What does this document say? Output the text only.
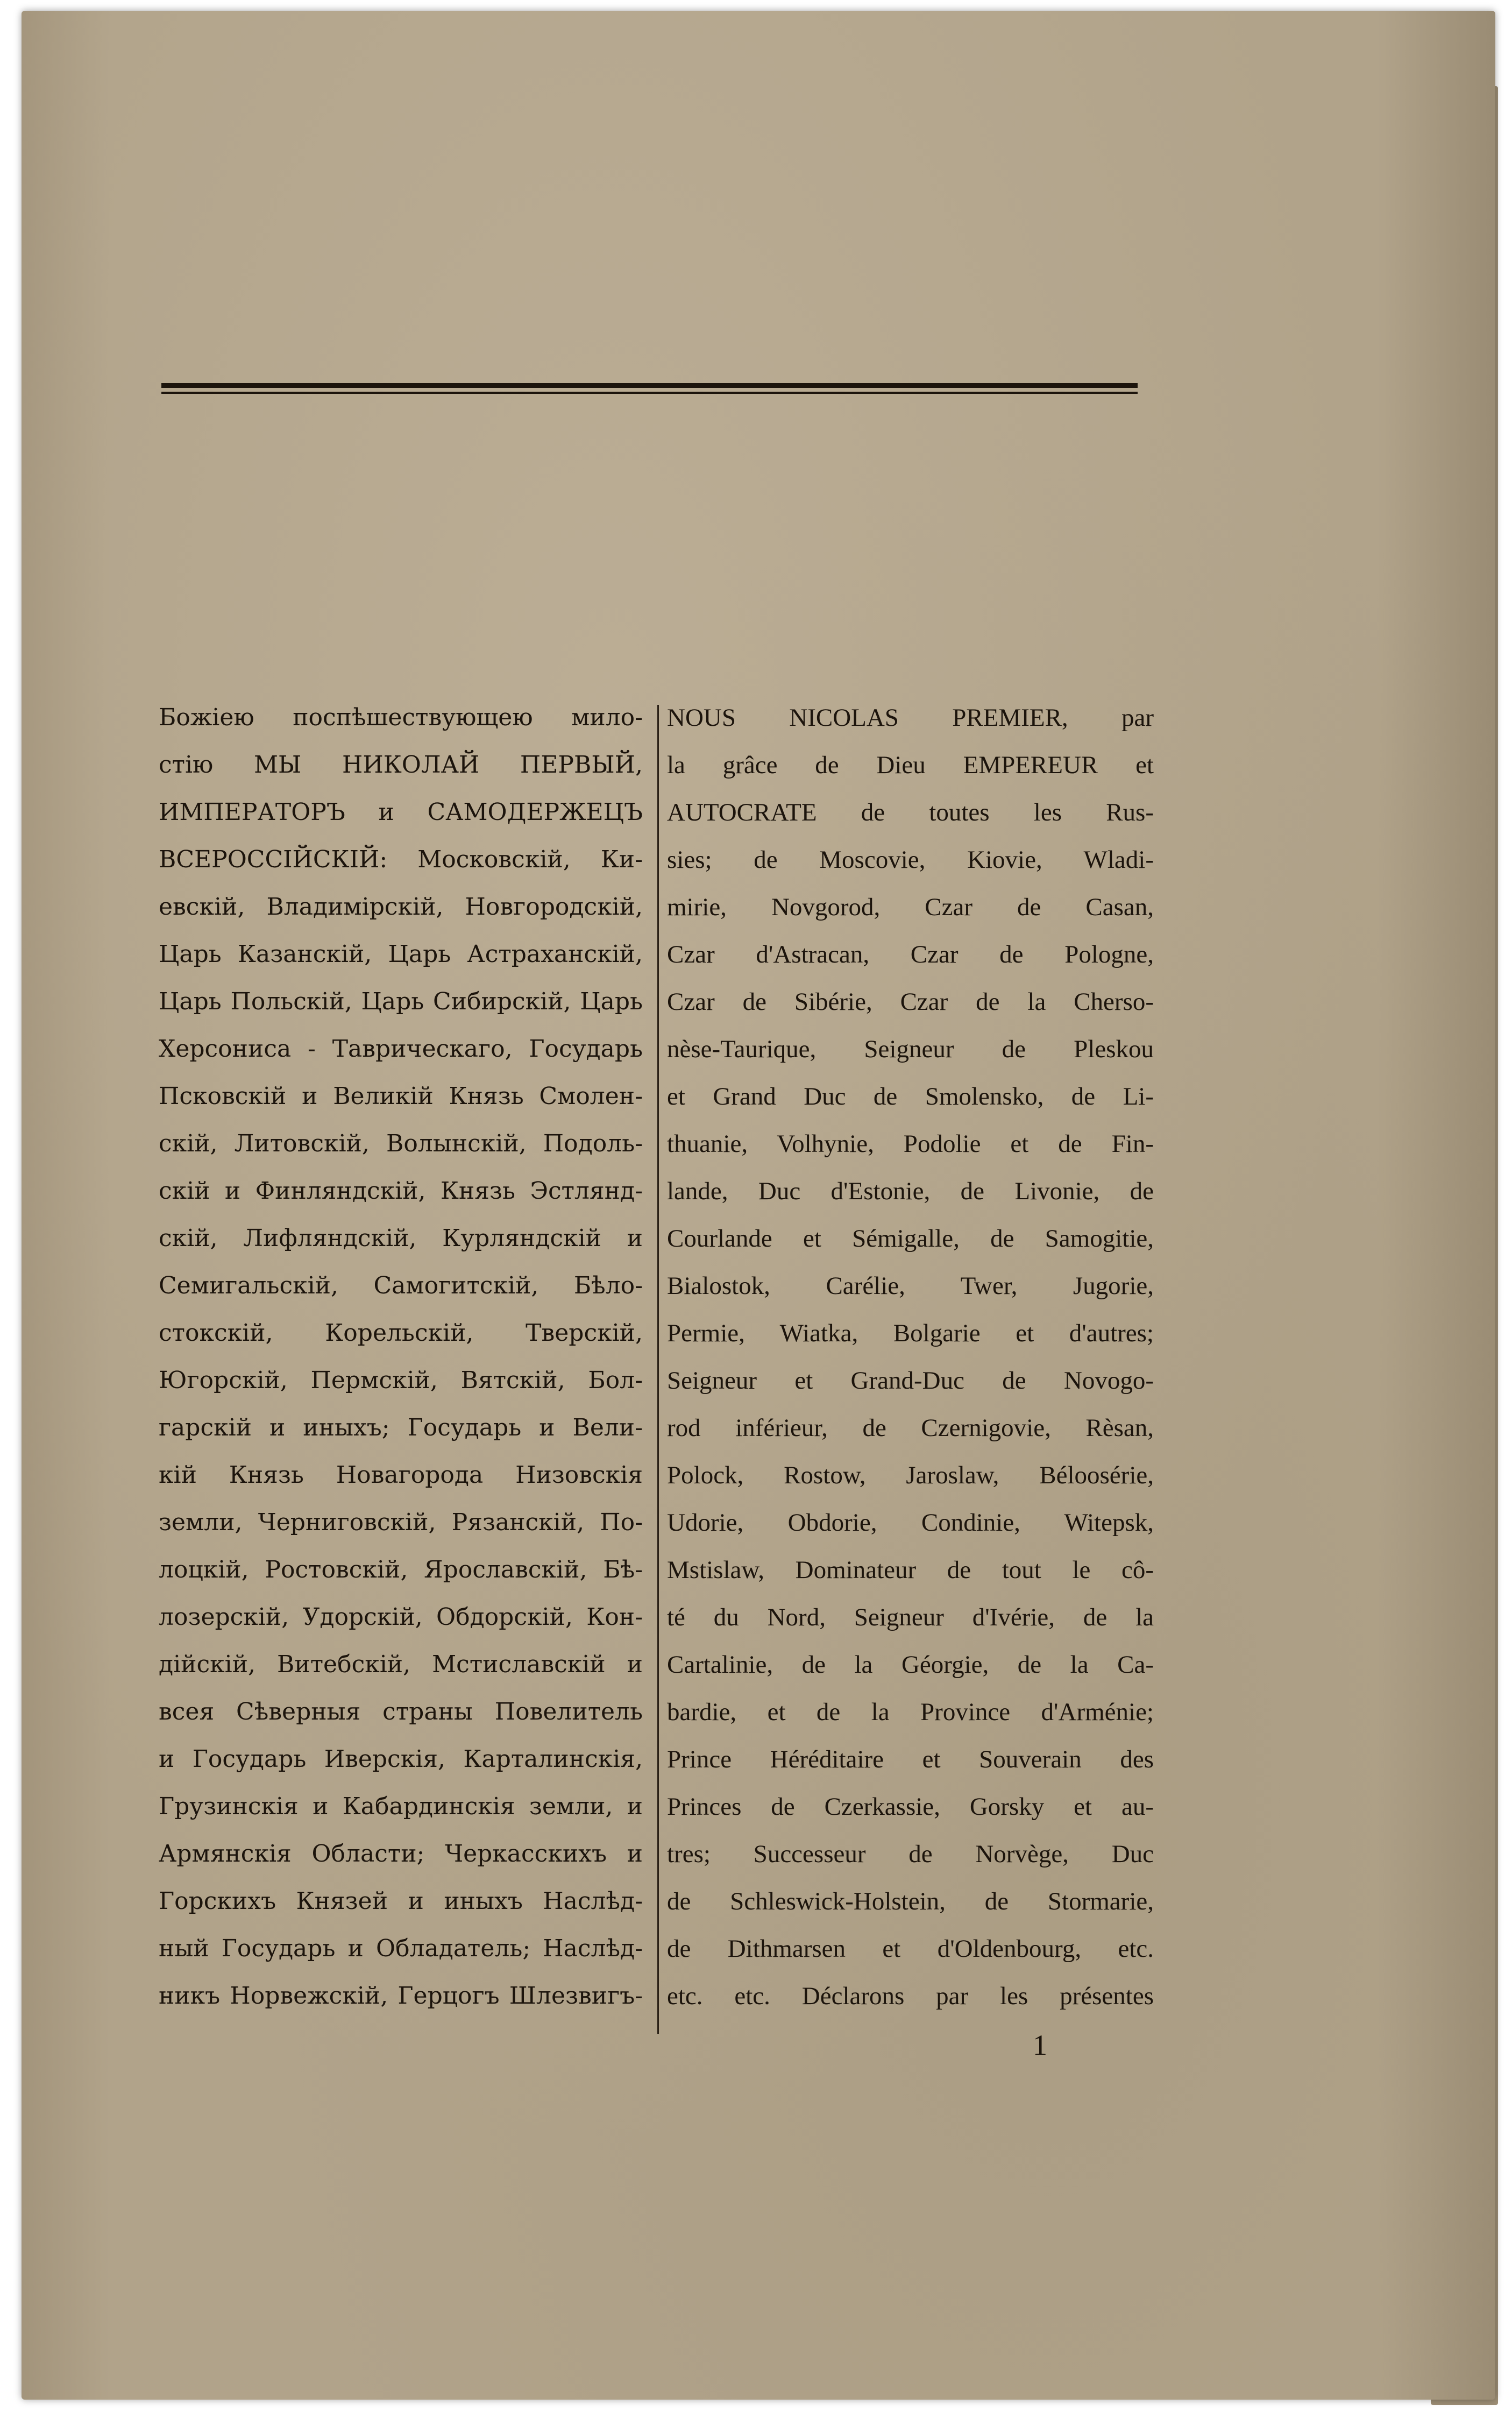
Божiею поспѣшествующею мило-
стiю МЫ НИКОЛАЙ ПЕРВЫЙ,
ИМПЕРАТОРЪ и САМОДЕРЖЕЦЪ
ВСЕРОССIЙСКIЙ: Московскiй, Ки-
евскiй, Владимiрскiй, Новгородскiй,
Царь Казанскiй, Царь Астраханскiй,
Царь Польскiй, Царь Сибирскiй, Царь
Херсониса - Таврическаго, Государь
Псковскiй и Великiй Князь Смолен-
скiй, Литовскiй, Волынскiй, Подоль-
скiй и Финляндскiй, Князь Эстлянд-
скiй, Лифляндскiй, Курляндскiй и
Семигальскiй, Самогитскiй, Бѣло-
стокскiй, Корельскiй, Тверскiй,
Югорскiй, Пермскiй, Вятскiй, Бол-
гарскiй и иныхъ; Государь и Вели-
кiй Князь Новагорода Низовскiя
земли, Черниговскiй, Рязанскiй, По-
лоцкiй, Ростовскiй, Ярославскiй, Бѣ-
лозерскiй, Удорскiй, Обдорскiй, Кон-
дiйскiй, Витебскiй, Мстиславскiй и
всея Сѣверныя страны Повелитель
и Государь Иверскiя, Карталинскiя,
Грузинскiя и Кабардинскiя земли, и
Армянскiя Области; Черкасскихъ и
Горскихъ Князей и иныхъ Наслѣд-
ный Государь и Обладатель; Наслѣд-
никъ Норвежскiй, Герцогъ Шлезвигъ-
NOUS NICOLAS PREMIER, par
la grâce de Dieu EMPEREUR et
AUTOCRATE de toutes les Rus-
sies; de Moscovie, Kiovie, Wladi-
mirie, Novgorod, Czar de Casan,
Czar d'Astracan, Czar de Pologne,
Czar de Sibérie, Czar de la Cherso-
nèse-Taurique, Seigneur de Pleskou
et Grand Duc de Smolensko, de Li-
thuanie, Volhynie, Podolie et de Fin-
lande, Duc d'Estonie, de Livonie, de
Courlande et Sémigalle, de Samogitie,
Bialostok, Carélie, Twer, Jugorie,
Permie, Wiatka, Bolgarie et d'autres;
Seigneur et Grand-Duc de Novogo-
rod inférieur, de Czernigovie, Rèsan,
Polock, Rostow, Jaroslaw, Béloosérie,
Udorie, Obdorie, Condinie, Witepsk,
Mstislaw, Dominateur de tout le cô-
té du Nord, Seigneur d'Ivérie, de la
Cartalinie, de la Géorgie, de la Ca-
bardie, et de la Province d'Arménie;
Prince Héréditaire et Souverain des
Princes de Czerkassie, Gorsky et au-
tres; Successeur de Norvège, Duc
de Schleswick-Holstein, de Stormarie,
de Dithmarsen et d'Oldenbourg, etc.
etc. etc. Déclarons par les présentes
1
